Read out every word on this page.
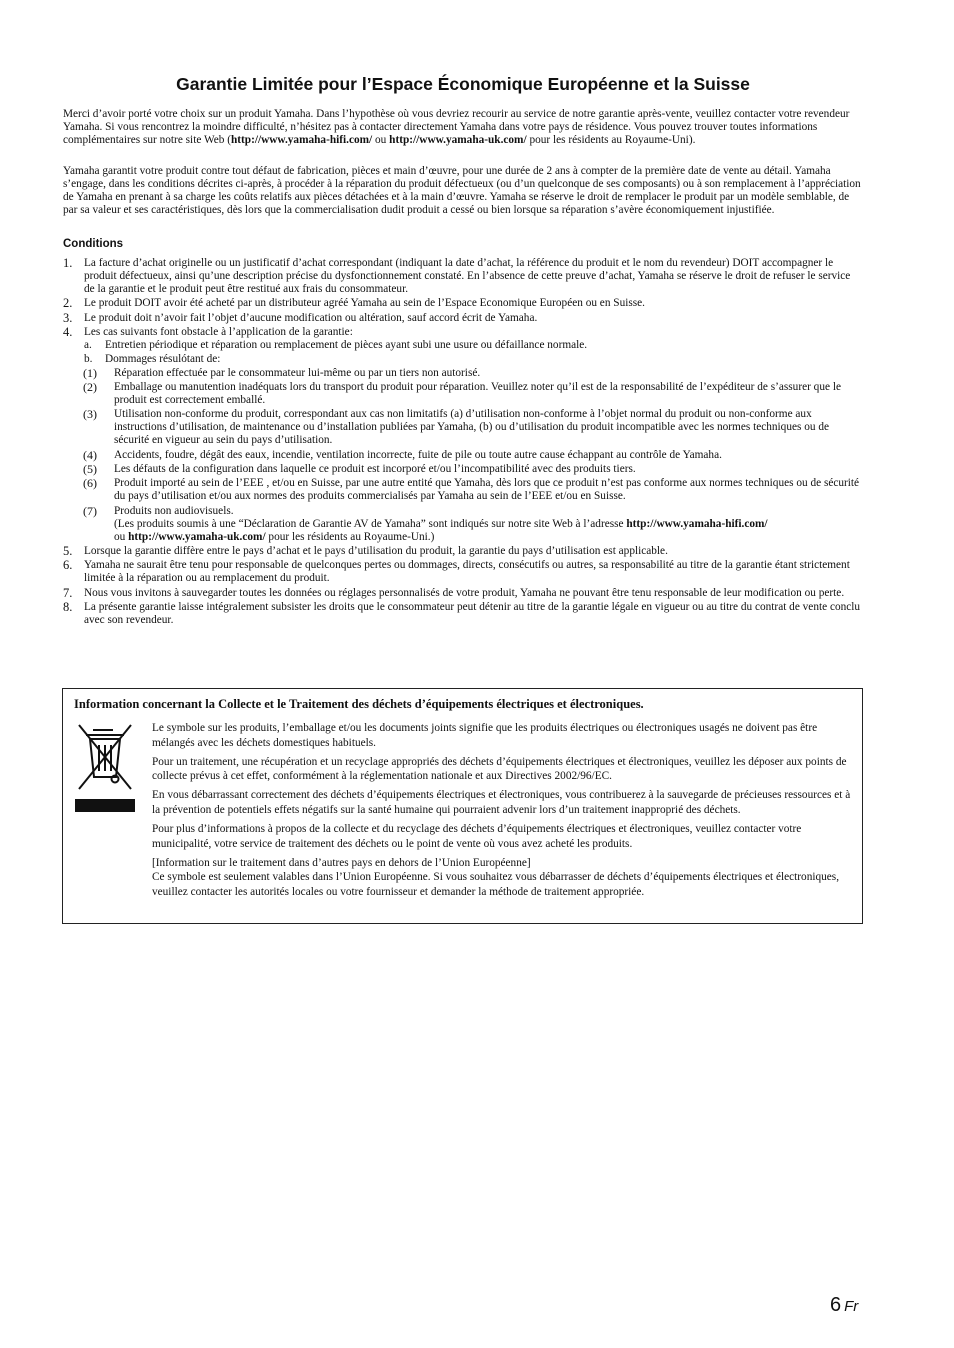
Garantie Limitée pour l’Espace Économique Européenne et la Suisse

Merci d’avoir porté votre choix sur un produit Yamaha. Dans l’hypothèse où vous devriez recourir au service de notre garantie après-vente, veuillez contacter votre revendeur Yamaha. Si vous rencontrez la moindre difficulté, n’hésitez pas à contacter directement Yamaha dans votre pays de résidence. Vous pouvez trouver toutes informations complémentaires sur notre site Web (http://www.yamaha-hifi.com/ ou http://www.yamaha-uk.com/ pour les résidents au Royaume-Uni).

Yamaha garantit votre produit contre tout défaut de fabrication, pièces et main d’œuvre, pour une durée de 2 ans à compter de la première date de vente au détail. Yamaha s’engage, dans les conditions décrites ci-après, à procéder à la réparation du produit défectueux (ou d’un quelconque de ses composants) ou à son remplacement à l’appréciation de Yamaha en prenant à sa charge les coûts relatifs aux pièces détachées et à la main d’œuvre. Yamaha se réserve le droit de remplacer le produit par un modèle semblable, de par sa valeur et ses caractéristiques, dès lors que la commercialisation dudit produit a cessé ou bien lorsque sa réparation s’avère économiquement injustifiée.

Conditions
1. La facture d’achat originelle ou un justificatif d’achat correspondant (indiquant la date d’achat, la référence du produit et le nom du revendeur) DOIT accompagner le produit défectueux, ainsi qu’une description précise du dysfonctionnement constaté. En l’absence de cette preuve d’achat, Yamaha se réserve le droit de refuser le service de la garantie et le produit peut être restitué aux frais du consommateur.
2. Le produit DOIT avoir été acheté par un distributeur agréé Yamaha au sein de l’Espace Economique Européen ou en Suisse.
3. Le produit doit n’avoir fait l’objet d’aucune modification ou altération, sauf accord écrit de Yamaha.
4. Les cas suivants font obstacle à l’application de la garantie:
a. Entretien périodique et réparation ou remplacement de pièces ayant subi une usure ou défaillance normale.
b. Dommages résulótant de:
(1) Réparation effectuée par le consommateur lui-même ou par un tiers non autorisé.
(2) Emballage ou manutention inadéquats lors du transport du produit pour réparation. Veuillez noter qu’il est de la responsabilité de l’expéditeur de s’assurer que le produit est correctement emballé.
(3) Utilisation non-conforme du produit, correspondant aux cas non limitatifs (a) d’utilisation non-conforme à l’objet normal du produit ou non-conforme aux instructions d’utilisation, de maintenance ou d’installation publiées par Yamaha, (b) ou d’utilisation du produit incompatible avec les normes techniques ou de sécurité en vigueur au sein du pays d’utilisation.
(4) Accidents, foudre, dégât des eaux, incendie, ventilation incorrecte, fuite de pile ou toute autre cause échappant au contrôle de Yamaha.
(5) Les défauts de la configuration dans laquelle ce produit est incorporé et/ou l’incompatibilité avec des produits tiers.
(6) Produit importé au sein de l’EEE , et/ou en Suisse, par une autre entité que Yamaha, dès lors que ce produit n’est pas conforme aux normes techniques ou de sécurité du pays d’utilisation et/ou aux normes des produits commercialisés par Yamaha au sein de l’EEE et/ou en Suisse.
(7) Produits non audiovisuels.
(Les produits soumis à une “Déclaration de Garantie AV de Yamaha” sont indiqués sur notre site Web à l’adresse http://www.yamaha-hifi.com/
ou http://www.yamaha-uk.com/ pour les résidents au Royaume-Uni.)
5. Lorsque la garantie diffère entre le pays d’achat et le pays d’utilisation du produit, la garantie du pays d’utilisation est applicable.
6. Yamaha ne saurait être tenu pour responsable de quelconques pertes ou dommages, directs, consécutifs ou autres, sa responsabilité au titre de la garantie étant strictement limitée à la réparation ou au remplacement du produit.
7. Nous vous invitons à sauvegarder toutes les données ou réglages personnalisés de votre produit, Yamaha ne pouvant être tenu responsable de leur modification ou perte.
8. La présente garantie laisse intégralement subsister les droits que le consommateur peut détenir au titre de la garantie légale en vigueur ou au titre du contrat de vente conclu avec son revendeur.
Information concernant la Collecte et le Traitement des déchets d’équipements électriques et électroniques.

Le symbole sur les produits, l’emballage et/ou les documents joints signifie que les produits électriques ou électroniques usagés ne doivent pas être mélangés avec les déchets domestiques habituels.

Pour un traitement, une récupération et un recyclage appropriés des déchets d’équipements électriques et électroniques, veuillez les déposer aux points de collecte prévus à cet effet, conformément à la réglementation nationale et aux Directives 2002/96/EC.

En vous débarrassant correctement des déchets d’équipements électriques et électroniques, vous contribuerez à la sauvegarde de précieuses ressources et à la prévention de potentiels effets négatifs sur la santé humaine qui pourraient advenir lors d’un traitement inapproprié des déchets.

Pour plus d’informations à propos de la collecte et du recyclage des déchets d’équipements électriques et électroniques, veuillez contacter votre municipalité, votre service de traitement des déchets ou le point de vente où vous avez acheté les produits.

[Information sur le traitement dans d’autres pays en dehors de l’Union Européenne]
Ce symbole est seulement valables dans l’Union Européenne. Si vous souhaitez vous débarrasser de déchets d’équipements électriques et électroniques, veuillez contacter les autorités locales ou votre fournisseur et demander la méthode de traitement appropriée.

6 Fr
